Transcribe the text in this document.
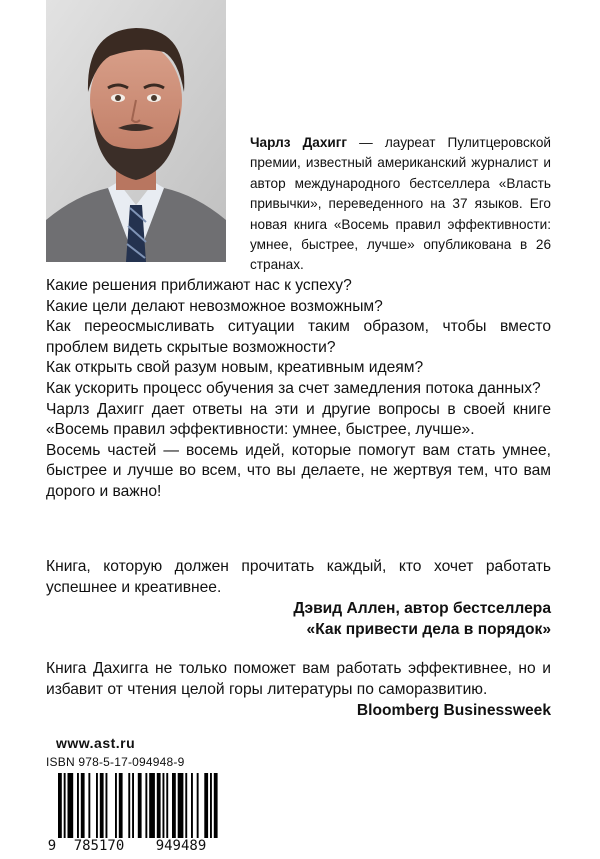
Чарлз Дахигг — лауреат Пулитцеровской премии, известный американский журналист и автор международного бестселлера «Власть привычки», переведенного на 37 языков. Его новая книга «Восемь правил эффективности: умнее, быстрее, лучше» опубликована в 26 странах.

Какие решения приближают нас к успеху?

Какие цели делают невозможное возможным?

Как переосмысливать ситуации таким образом, чтобы вместо проблем видеть скрытые возможности?

Как открыть свой разум новым, креативным идеям?

Как ускорить процесс обучения за счет замедления потока данных?

Чарлз Дахигг дает ответы на эти и другие вопросы в своей книге «Восемь правил эффективности: умнее, быстрее, лучше».

Восемь частей — восемь идей, которые помогут вам стать умнее, быстрее и лучше во всем, что вы делаете, не жертвуя тем, что вам дорого и важно!

Книга, которую должен прочитать каждый, кто хочет работать успешнее и креативнее.

Дэвид Аллен, автор бестселлера
«Как привести дела в порядок»

Книга Дахигга не только поможет вам работать эффективнее, но и избавит от чтения целой горы литературы по саморазвитию.

Bloomberg Businessweek

www.ast.ru
ISBN 978-5-17-094948-9
9	785170	949489
